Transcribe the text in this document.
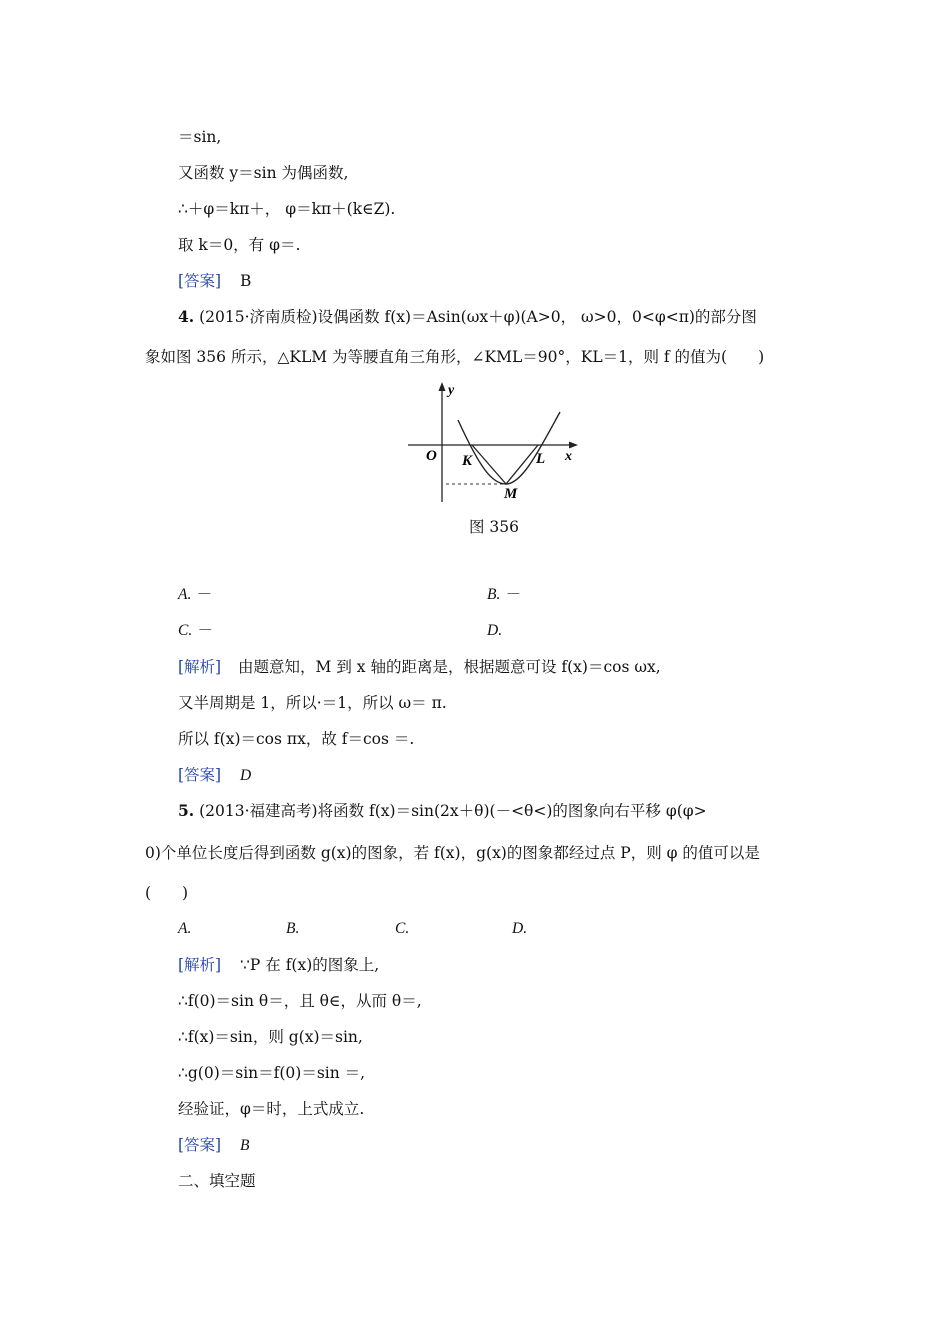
＝sin,
又函数 y＝sin 为偶函数,
∴＋φ＝kπ＋， φ＝kπ＋(k∈Z).
取 k＝0，有 φ＝.
[答案] B
4. (2015·济南质检)设偶函数 f(x)＝Asin(ωx＋φ)(A>0， ω>0，0<φ<π)的部分图
象如图 356 所示，△KLM 为等腰直角三角形，∠KML＝90°，KL＝1，则 f 的值为(　　)
y
x
O K	L
M
图 356
A. －	B. －
C. －	D.
[解析] 由题意知，M 到 x 轴的距离是，根据题意可设 f(x)＝cos ωx,
又半周期是 1，所以·＝1，所以 ω＝ π.
所以 f(x)＝cos πx，故 f＝cos ＝.
[答案] D
5. (2013·福建高考)将函数 f(x)＝sin(2x＋θ)(－<θ<)的图象向右平移 φ(φ>
0)个单位长度后得到函数 g(x)的图象，若 f(x)，g(x)的图象都经过点 P，则 φ 的值可以是
(　　)
A.	B.	C.	D.
[解析] ∵P 在 f(x)的图象上,
∴f(0)＝sin θ＝，且 θ∈，从而 θ＝,
∴f(x)＝sin，则 g(x)＝sin,
∴g(0)＝sin＝f(0)＝sin ＝,
经验证，φ＝时，上式成立.
[答案] B
二、填空题
